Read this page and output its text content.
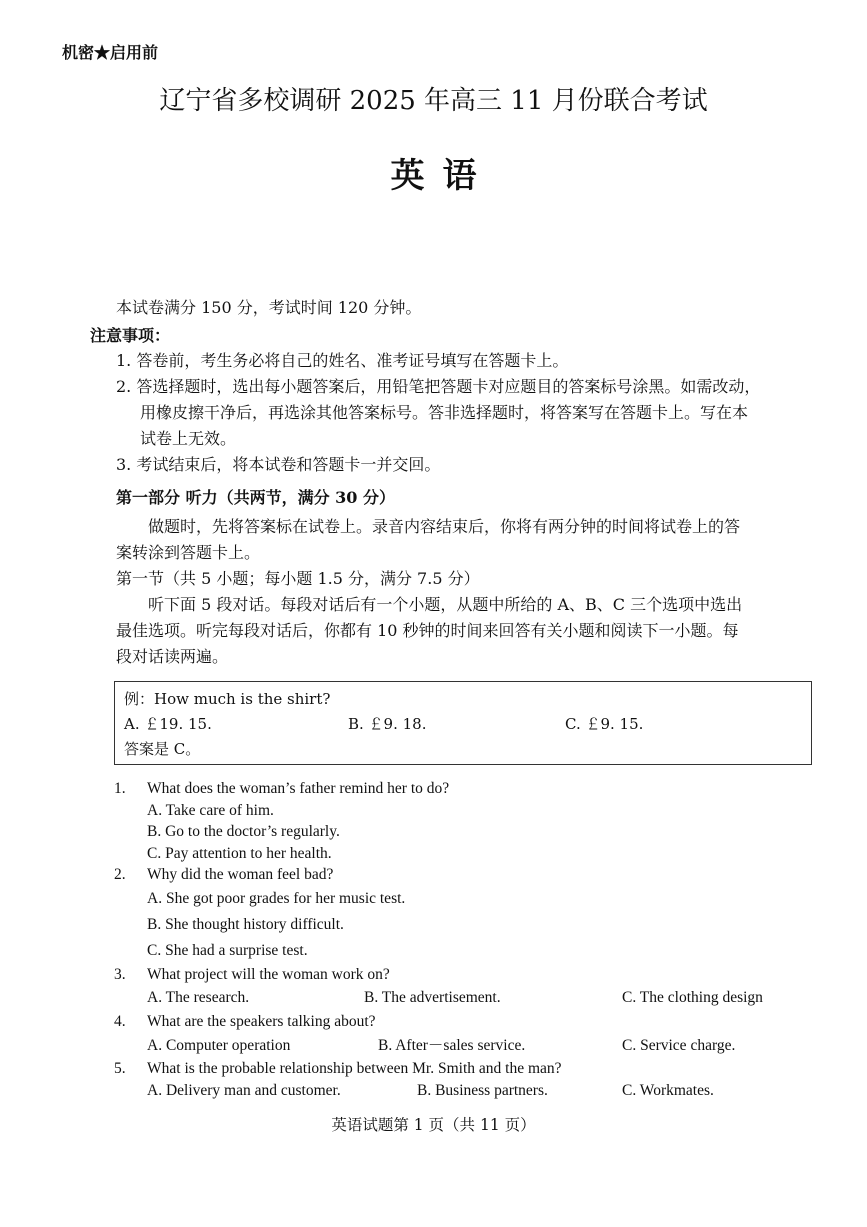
机密★启用前
辽宁省多校调研 2025 年高三 11 月份联合考试
英语
本试卷满分 150 分，考试时间 120 分钟。
注意事项：
1. 答卷前，考生务必将自己的姓名、准考证号填写在答题卡上。
2. 答选择题时，选出每小题答案后，用铅笔把答题卡对应题目的答案标号涂黑。如需改动，
用橡皮擦干净后，再选涂其他答案标号。答非选择题时，将答案写在答题卡上。写在本
试卷上无效。
3. 考试结束后，将本试卷和答题卡一并交回。
第一部分 听力（共两节，满分 30 分）
做题时，先将答案标在试卷上。录音内容结束后，你将有两分钟的时间将试卷上的答
案转涂到答题卡上。
第一节（共 5 小题；每小题 1.5 分，满分 7.5 分）
听下面 5 段对话。每段对话后有一个小题，从题中所给的 A、B、C 三个选项中选出
最佳选项。听完每段对话后，你都有 10 秒钟的时间来回答有关小题和阅读下一小题。每
段对话读两遍。
例：How much is the shirt?
A. ￡19. 15.	B. ￡9. 18.	C. ￡9. 15.
答案是 C。
1. What does the woman’s father remind her to do?
A. Take care of him.
B. Go to the doctor’s regularly.
C. Pay attention to her health.
2. Why did the woman feel bad?
A. She got poor grades for her music test.
B. She thought history difficult.
C. She had a surprise test.
3. What project will the woman work on?
A. The research.	B. The advertisement.	C. The clothing design
4. What are the speakers talking about?
A. Computer operation	B. After－sales service.	C. Service charge.
5. What is the probable relationship between Mr. Smith and the man?
A. Delivery man and customer.	B. Business partners.	C. Workmates.
英语试题第 1 页（共 11 页）
